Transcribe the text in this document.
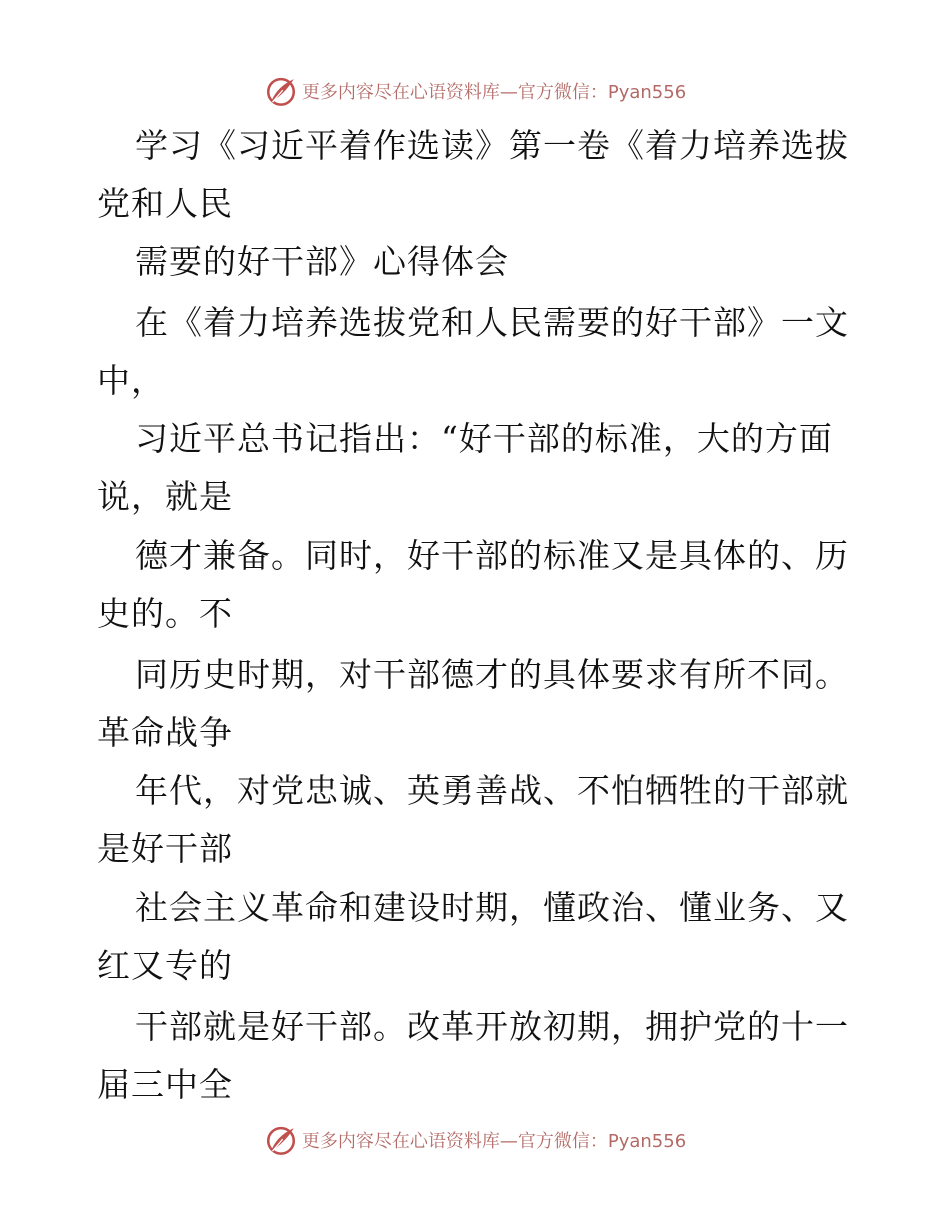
更多内容尽在心语资料库—官方微信：Pyan556
学习《习近平着作选读》第一卷《着力培养选拔
党和人民
需要的好干部》心得体会
在《着力培养选拔党和人民需要的好干部》一文
中，
习近平总书记指出：“好干部的标准，大的方面
说，就是
德才兼备。同时，好干部的标准又是具体的、历
史的。不
同历史时期，对干部德才的具体要求有所不同。
革命战争
年代，对党忠诚、英勇善战、不怕牺牲的干部就
是好干部
社会主义革命和建设时期，懂政治、懂业务、又
红又专的
干部就是好干部。改革开放初期，拥护党的十一
届三中全
更多内容尽在心语资料库—官方微信：Pyan556
